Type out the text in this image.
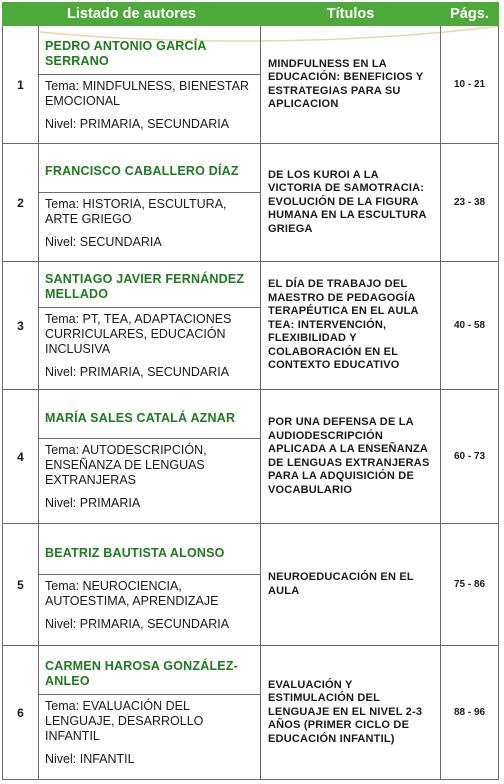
Listado de autores		Títulos	Págs.
1	PEDRO ANTONIO GARCÍA SERRANO
Tema: MINDFULNESS, BIENESTAR EMOCIONAL
Nivel: PRIMARIA, SECUNDARIA	MINDFULNESS EN LA EDUCACIÓN: BENEFICIOS Y ESTRATEGIAS PARA SU APLICACION	10 - 21
2	FRANCISCO CABALLERO DÍAZ
Tema: HISTORIA, ESCULTURA, ARTE GRIEGO
Nivel: SECUNDARIA	DE LOS KUROI A LA VICTORIA DE SAMOTRACIA: EVOLUCIÓN DE LA FIGURA HUMANA EN LA ESCULTURA GRIEGA	23 - 38
3	SANTIAGO JAVIER FERNÁNDEZ MELLADO
Tema: PT, TEA, ADAPTACIONES CURRICULARES, EDUCACIÓN INCLUSIVA
Nivel: PRIMARIA, SECUNDARIA	EL DÍA DE TRABAJO DEL MAESTRO DE PEDAGOGÍA TERAPÉUTICA EN EL AULA TEA: INTERVENCIÓN, FLEXIBILIDAD Y COLABORACIÓN EN EL CONTEXTO EDUCATIVO	40 - 58
4	MARÍA SALES CATALÁ AZNAR
Tema: AUTODESCRIPCIÓN, ENSEÑANZA DE LENGUAS EXTRANJERAS
Nivel: PRIMARIA	POR UNA DEFENSA DE LA AUDIODESCRIPCIÓN APLICADA A LA ENSEÑANZA DE LENGUAS EXTRANJERAS PARA LA ADQUISICIÓN DE VOCABULARIO	60 - 73
5	BEATRIZ BAUTISTA ALONSO
Tema: NEUROCIENCIA, AUTOESTIMA, APRENDIZAJE
Nivel: PRIMARIA, SECUNDARIA	NEUROEDUCACIÓN EN EL AULA	75 - 86
6	CARMEN HAROSA GONZÁLEZ-ANLEO
Tema: EVALUACIÓN DEL LENGUAJE, DESARROLLO INFANTIL
Nivel: INFANTIL	EVALUACIÓN Y ESTIMULACIÓN DEL LENGUAJE EN EL NIVEL 2-3 AÑOS (PRIMER CICLO DE EDUCACIÓN INFANTIL)	88 - 96
